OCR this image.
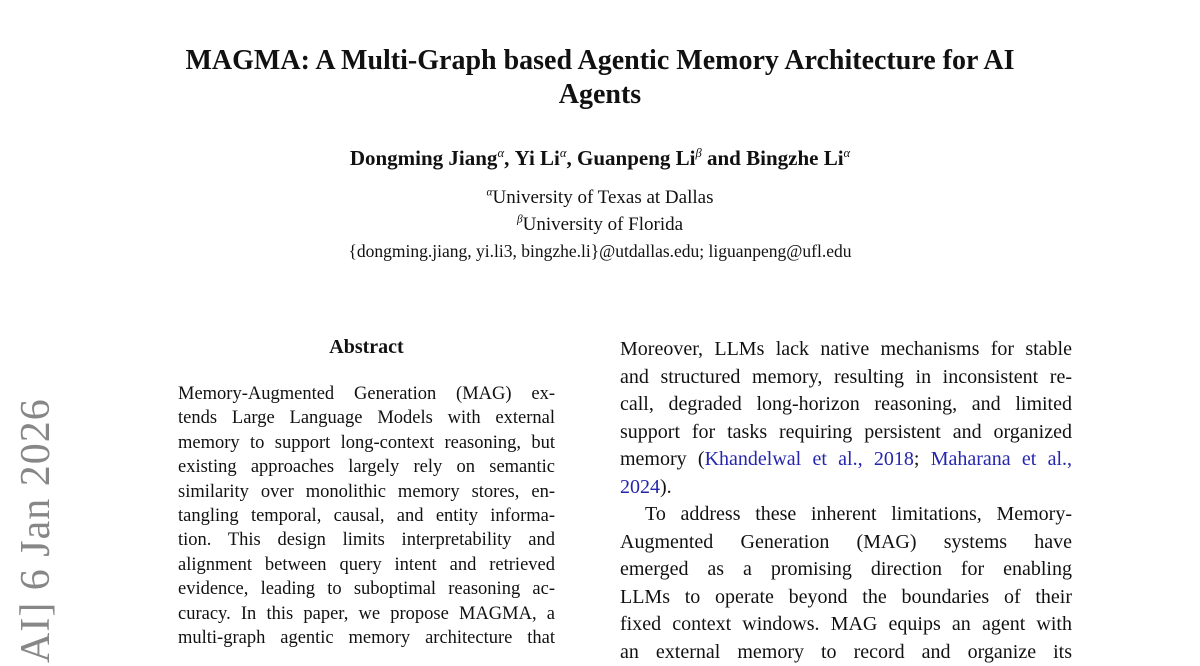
AI] 6 Jan 2026
MAGMA: A Multi-Graph based Agentic Memory Architecture for AI
Agents
Dongming Jiang$^\alpha$, Yi $Li^\alpha$, Guanpeng $Li^\beta$ and Bingzhe $Li^\alpha$
$^\alpha$University of Texas at Dallas
$^\beta$University of Florida
{dongming.jiang, yi.li3, bingzhe.li}@utdallas.edu; liguanpeng@ufl.edu
Abstract
Memory-Augmented Generation (MAG) ex-
tends Large Language Models with external
memory to support long-context reasoning, but
existing approaches largely rely on semantic
similarity over monolithic memory stores, en-
tangling temporal, causal, and entity informa-
tion. This design limits interpretability and
alignment between query intent and retrieved
evidence, leading to suboptimal reasoning ac-
curacy. In this paper, we propose MAGMA, a
multi-graph agentic memory architecture that
Moreover, LLMs lack native mechanisms for stable
and structured memory, resulting in inconsistent re-
call, degraded long-horizon reasoning, and limited
support for tasks requiring persistent and organized
memory (Khandelwal et al., 2018; Maharana et al.,
2024).
To address these inherent limitations, Memory-
Augmented Generation (MAG) systems have
emerged as a promising direction for enabling
LLMs to operate beyond the boundaries of their
fixed context windows. MAG equips an agent with
an external memory to record and organize its
